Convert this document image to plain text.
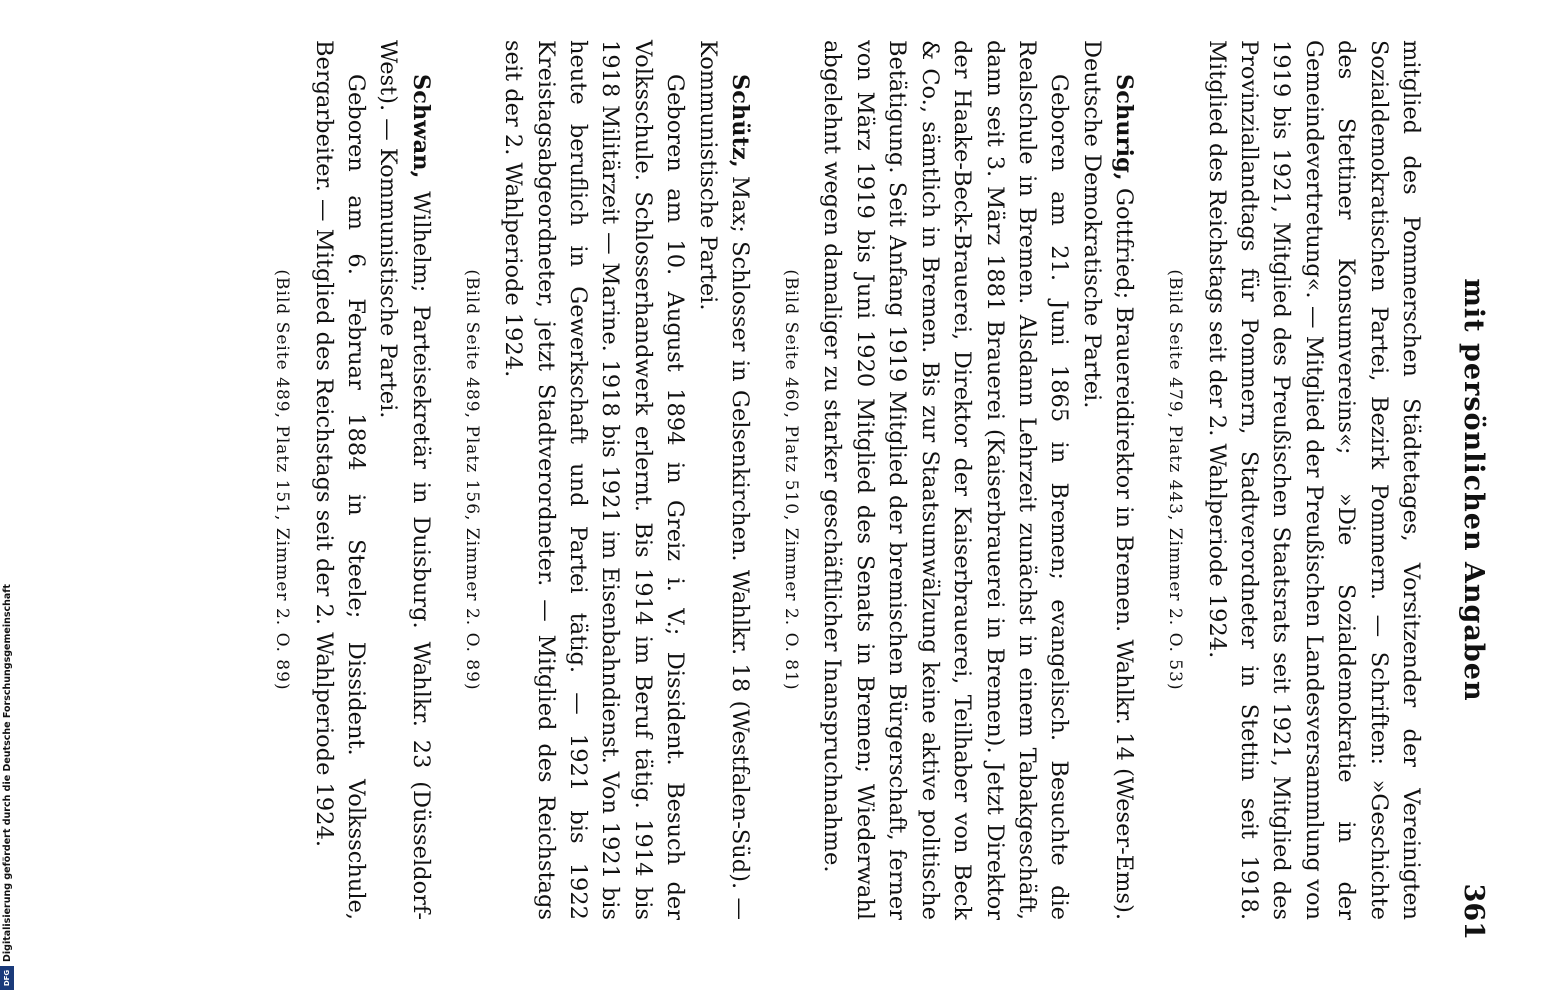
mit persönlichen Angaben
361

mitglied des Pommerschen Städtetages, Vorsitzender der Vereinigten Sozialdemokratischen Partei, Bezirk Pommern. — Schriften: »Geschichte des Stettiner Konsumvereins«; »Die Sozialdemokratie in der Gemeindevertretung«. — Mitglied der Preußischen Landesversammlung von 1919 bis 1921, Mitglied des Preußischen Staatsrats seit 1921, Mitglied des Provinziallandtags für Pommern, Stadtverordneter in Stettin seit 1918. Mitglied des Reichstags seit der 2. Wahlperiode 1924.

(Bild Seite 479, Platz 443, Zimmer 2. O. 53)

Schurig, Gottfried; Brauereidirektor in Bremen. Wahlkr. 14 (Weser-Ems). Deutsche Demokratische Partei.

Geboren am 21. Juni 1865 in Bremen; evangelisch. Besuchte die Realschule in Bremen. Alsdann Lehrzeit zunächst in einem Tabakgeschäft, dann seit 3. März 1881 Brauerei (Kaiserbrauerei in Bremen). Jetzt Direktor der Haake-Beck-Brauerei, Direktor der Kaiserbrauerei, Teilhaber von Beck & Co., sämtlich in Bremen. Bis zur Staatsumwälzung keine aktive politische Betätigung. Seit Anfang 1919 Mitglied der bremischen Bürgerschaft, ferner von März 1919 bis Juni 1920 Mitglied des Senats in Bremen; Wiederwahl abgelehnt wegen damaliger zu starker geschäftlicher Inanspruchnahme.

(Bild Seite 460, Platz 510, Zimmer 2. O. 81)

Schütz, Max; Schlosser in Gelsenkirchen. Wahlkr. 18 (Westfalen-Süd). — Kommunistische Partei.

Geboren am 10. August 1894 in Greiz i. V.; Dissident. Besuch der Volksschule. Schlosserhandwerk erlernt. Bis 1914 im Beruf tätig. 1914 bis 1918 Militärzeit — Marine. 1918 bis 1921 im Eisenbahndienst. Von 1921 bis heute beruflich in Gewerkschaft und Partei tätig. — 1921 bis 1922 Kreistagsabgeordneter, jetzt Stadtverordneter. — Mitglied des Reichstags seit der 2. Wahlperiode 1924.

(Bild Seite 489, Platz 156, Zimmer 2. O. 89)

Schwan, Wilhelm; Parteisekretär in Duisburg. Wahlkr. 23 (Düsseldorf-West). — Kommunistische Partei.

Geboren am 6. Februar 1884 in Steele; Dissident. Volksschule, Bergarbeiter. — Mitglied des Reichstags seit der 2. Wahlperiode 1924.

(Bild Seite 489, Platz 151, Zimmer 2. O. 89)
Digitalisierung gefördert durch die Deutsche Forschungsgemeinschaft
DFG
